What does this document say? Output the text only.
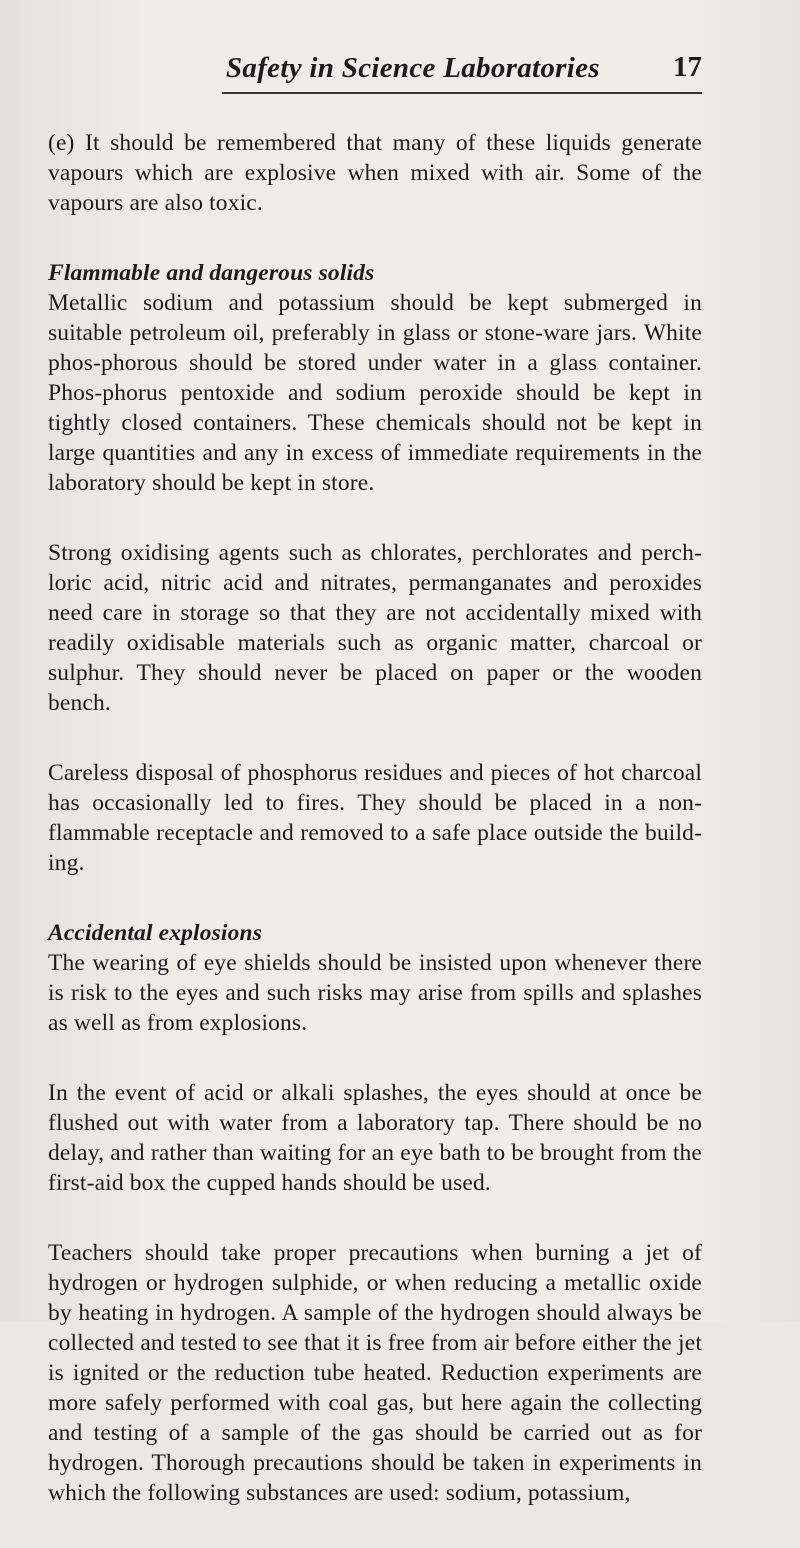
Safety in Science Laboratories	17

(e) It should be remembered that many of these liquids generate vapours which are explosive when mixed with air. Some of the vapours are also toxic.

Flammable and dangerous solids

Metallic sodium and potassium should be kept submerged in suitable petroleum oil, preferably in glass or stone-ware jars. White phos-phorous should be stored under water in a glass container. Phos-phorus pentoxide and sodium peroxide should be kept in tightly closed containers. These chemicals should not be kept in large quantities and any in excess of immediate requirements in the laboratory should be kept in store.

Strong oxidising agents such as chlorates, perchlorates and perch-loric acid, nitric acid and nitrates, permanganates and peroxides need care in storage so that they are not accidentally mixed with readily oxidisable materials such as organic matter, charcoal or sulphur. They should never be placed on paper or the wooden bench.

Careless disposal of phosphorus residues and pieces of hot charcoal has occasionally led to fires. They should be placed in a non-flammable receptacle and removed to a safe place outside the build-ing.

Accidental explosions

The wearing of eye shields should be insisted upon whenever there is risk to the eyes and such risks may arise from spills and splashes as well as from explosions.

In the event of acid or alkali splashes, the eyes should at once be flushed out with water from a laboratory tap. There should be no delay, and rather than waiting for an eye bath to be brought from the first-aid box the cupped hands should be used.

Teachers should take proper precautions when burning a jet of hydrogen or hydrogen sulphide, or when reducing a metallic oxide by heating in hydrogen. A sample of the hydrogen should always be collected and tested to see that it is free from air before either the jet is ignited or the reduction tube heated. Reduction experiments are more safely performed with coal gas, but here again the collecting and testing of a sample of the gas should be carried out as for hydrogen. Thorough precautions should be taken in experiments in which the following substances are used: sodium, potassium,
